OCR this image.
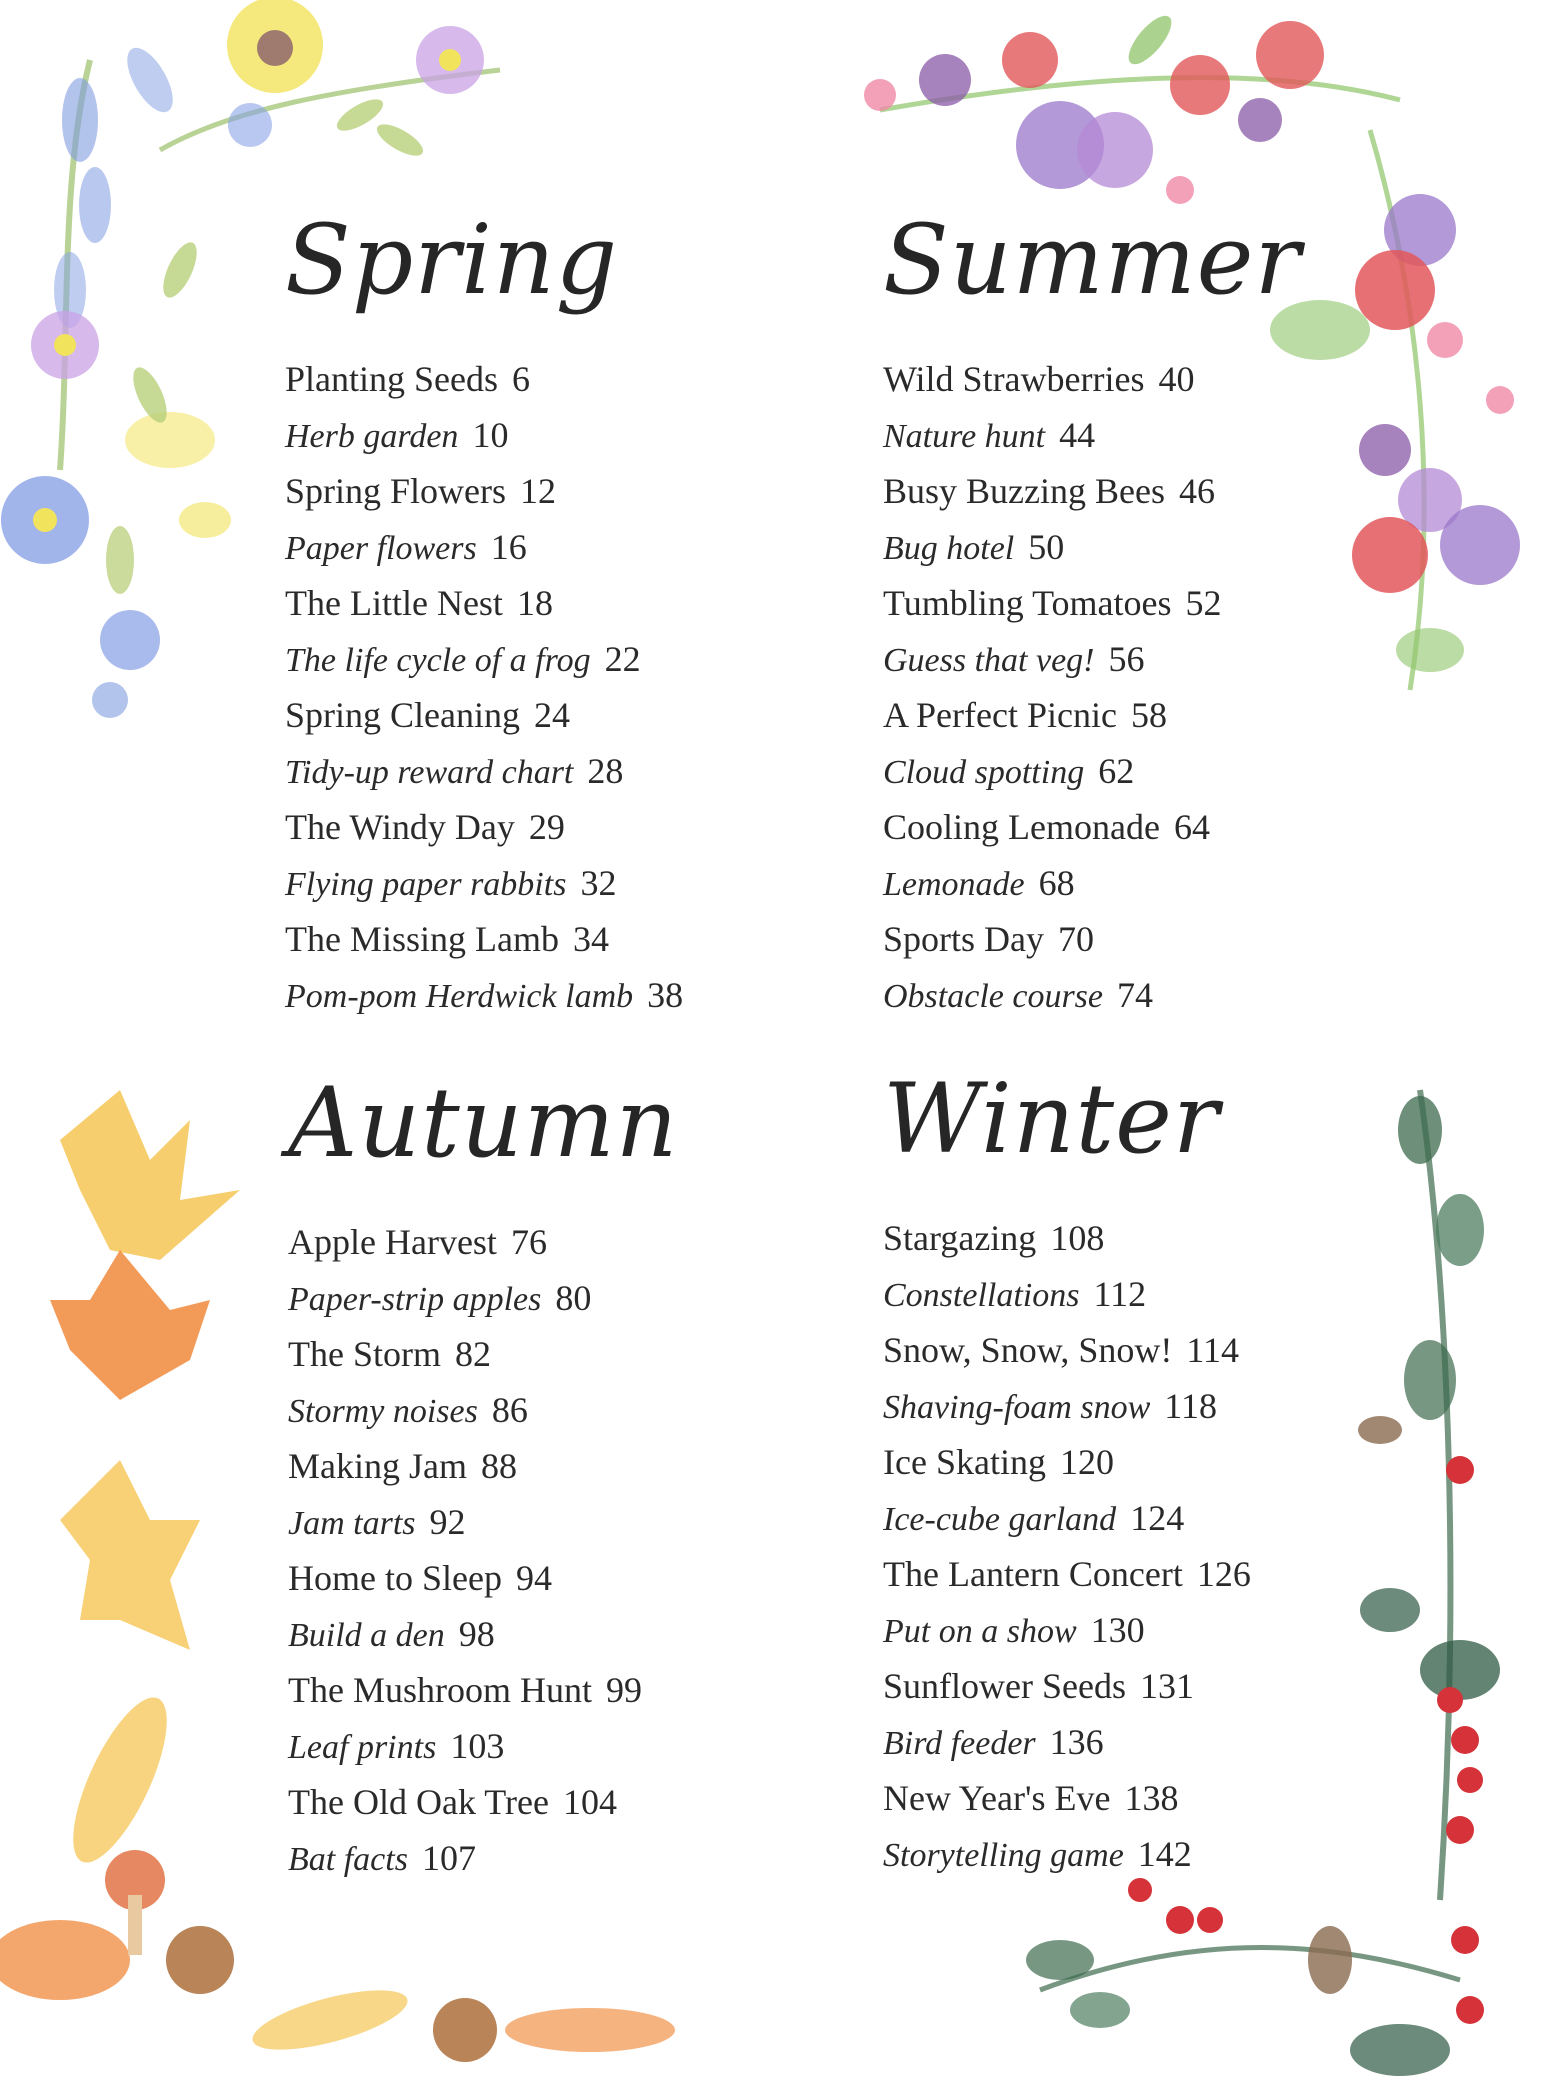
Spring
Planting Seeds 6
Herb garden 10
Spring Flowers 12
Paper flowers 16
The Little Nest 18
The life cycle of a frog 22
Spring Cleaning 24
Tidy-up reward chart 28
The Windy Day 29
Flying paper rabbits 32
The Missing Lamb 34
Pom-pom Herdwick lamb 38
Summer
Wild Strawberries 40
Nature hunt 44
Busy Buzzing Bees 46
Bug hotel 50
Tumbling Tomatoes 52
Guess that veg! 56
A Perfect Picnic 58
Cloud spotting 62
Cooling Lemonade 64
Lemonade 68
Sports Day 70
Obstacle course 74
Autumn
Apple Harvest 76
Paper-strip apples 80
The Storm 82
Stormy noises 86
Making Jam 88
Jam tarts 92
Home to Sleep 94
Build a den 98
The Mushroom Hunt 99
Leaf prints 103
The Old Oak Tree 104
Bat facts 107
Winter
Stargazing 108
Constellations 112
Snow, Snow, Snow! 114
Shaving-foam snow 118
Ice Skating 120
Ice-cube garland 124
The Lantern Concert 126
Put on a show 130
Sunflower Seeds 131
Bird feeder 136
New Year's Eve 138
Storytelling game 142
